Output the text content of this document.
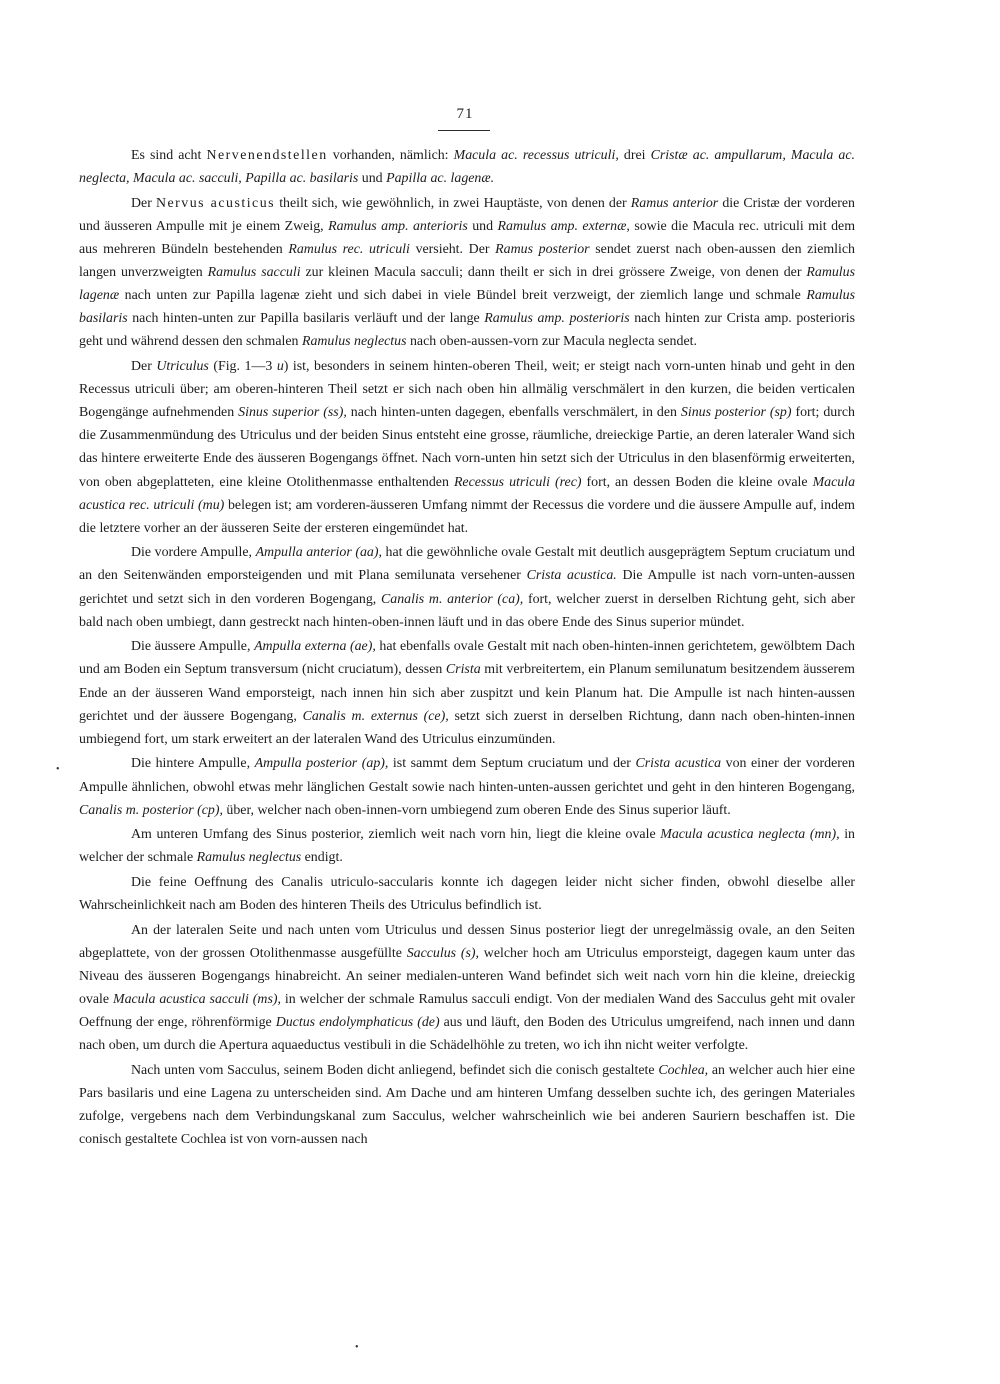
71

Es sind acht Nervenendstellen vorhanden, nämlich: Macula ac. recessus utriculi, drei Cristæ ac. ampullarum, Macula ac. neglecta, Macula ac. sacculi, Papilla ac. basilaris und Papilla ac. lagenæ.

Der Nervus acusticus theilt sich, wie gewöhnlich, in zwei Hauptäste, von denen der Ramus anterior die Cristæ der vorderen und äusseren Ampulle mit je einem Zweig, Ramulus amp. anterioris und Ramulus amp. externæ, sowie die Macula rec. utriculi mit dem aus mehreren Bündeln bestehenden Ramulus rec. utriculi versieht. Der Ramus posterior sendet zuerst nach oben-aussen den ziemlich langen unverzweigten Ramulus sacculi zur kleinen Macula sacculi; dann theilt er sich in drei grössere Zweige, von denen der Ramulus lagenæ nach unten zur Papilla lagenæ zieht und sich dabei in viele Bündel breit verzweigt, der ziemlich lange und schmale Ramulus basilaris nach hinten-unten zur Papilla basilaris verläuft und der lange Ramulus amp. posterioris nach hinten zur Crista amp. posterioris geht und während dessen den schmalen Ramulus neglectus nach oben-aussen-vorn zur Macula neglecta sendet.

Der Utriculus (Fig. 1—3 u) ist, besonders in seinem hinten-oberen Theil, weit; er steigt nach vorn-unten hinab und geht in den Recessus utriculi über; am oberen-hinteren Theil setzt er sich nach oben hin allmälig verschmälert in den kurzen, die beiden verticalen Bogengänge aufnehmenden Sinus superior (ss), nach hinten-unten dagegen, ebenfalls verschmälert, in den Sinus posterior (sp) fort; durch die Zusammenmündung des Utriculus und der beiden Sinus entsteht eine grosse, räumliche, dreieckige Partie, an deren lateraler Wand sich das hintere erweiterte Ende des äusseren Bogengangs öffnet. Nach vorn-unten hin setzt sich der Utriculus in den blasenförmig erweiterten, von oben abgeplatteten, eine kleine Otolithenmasse enthaltenden Recessus utriculi (rec) fort, an dessen Boden die kleine ovale Macula acustica rec. utriculi (mu) belegen ist; am vorderen-äusseren Umfang nimmt der Recessus die vordere und die äussere Ampulle auf, indem die letztere vorher an der äusseren Seite der ersteren eingemündet hat.

Die vordere Ampulle, Ampulla anterior (aa), hat die gewöhnliche ovale Gestalt mit deutlich ausgeprägtem Septum cruciatum und an den Seitenwänden emporsteigenden und mit Plana semilunata versehener Crista acustica. Die Ampulle ist nach vorn-unten-aussen gerichtet und setzt sich in den vorderen Bogengang, Canalis m. anterior (ca), fort, welcher zuerst in derselben Richtung geht, sich aber bald nach oben umbiegt, dann gestreckt nach hinten-oben-innen läuft und in das obere Ende des Sinus superior mündet.

Die äussere Ampulle, Ampulla externa (ae), hat ebenfalls ovale Gestalt mit nach oben-hinten-innen gerichtetem, gewölbtem Dach und am Boden ein Septum transversum (nicht cruciatum), dessen Crista mit verbreitertem, ein Planum semilunatum besitzendem äusserem Ende an der äusseren Wand emporsteigt, nach innen hin sich aber zuspitzt und kein Planum hat. Die Ampulle ist nach hinten-aussen gerichtet und der äussere Bogengang, Canalis m. externus (ce), setzt sich zuerst in derselben Richtung, dann nach oben-hinten-innen umbiegend fort, um stark erweitert an der lateralen Wand des Utriculus einzumünden.

Die hintere Ampulle, Ampulla posterior (ap), ist sammt dem Septum cruciatum und der Crista acustica von einer der vorderen Ampulle ähnlichen, obwohl etwas mehr länglichen Gestalt sowie nach hinten-unten-aussen gerichtet und geht in den hinteren Bogengang, Canalis m. posterior (cp), über, welcher nach oben-innen-vorn umbiegend zum oberen Ende des Sinus superior läuft.

Am unteren Umfang des Sinus posterior, ziemlich weit nach vorn hin, liegt die kleine ovale Macula acustica neglecta (mn), in welcher der schmale Ramulus neglectus endigt.

Die feine Oeffnung des Canalis utriculo-saccularis konnte ich dagegen leider nicht sicher finden, obwohl dieselbe aller Wahrscheinlichkeit nach am Boden des hinteren Theils des Utriculus befindlich ist.

An der lateralen Seite und nach unten vom Utriculus und dessen Sinus posterior liegt der unregelmässig ovale, an den Seiten abgeplattete, von der grossen Otolithenmasse ausgefüllte Sacculus (s), welcher hoch am Utriculus emporsteigt, dagegen kaum unter das Niveau des äusseren Bogengangs hinabreicht. An seiner medialen-unteren Wand befindet sich weit nach vorn hin die kleine, dreieckig ovale Macula acustica sacculi (ms), in welcher der schmale Ramulus sacculi endigt. Von der medialen Wand des Sacculus geht mit ovaler Oeffnung der enge, röhrenförmige Ductus endolymphaticus (de) aus und läuft, den Boden des Utriculus umgreifend, nach innen und dann nach oben, um durch die Apertura aquaeductus vestibuli in die Schädelhöhle zu treten, wo ich ihn nicht weiter verfolgte.

Nach unten vom Sacculus, seinem Boden dicht anliegend, befindet sich die conisch gestaltete Cochlea, an welcher auch hier eine Pars basilaris und eine Lagena zu unterscheiden sind. Am Dache und am hinteren Umfang desselben suchte ich, des geringen Materiales zufolge, vergebens nach dem Verbindungskanal zum Sacculus, welcher wahrscheinlich wie bei anderen Sauriern beschaffen ist. Die conisch gestaltete Cochlea ist von vorn-aussen nach

•
•
